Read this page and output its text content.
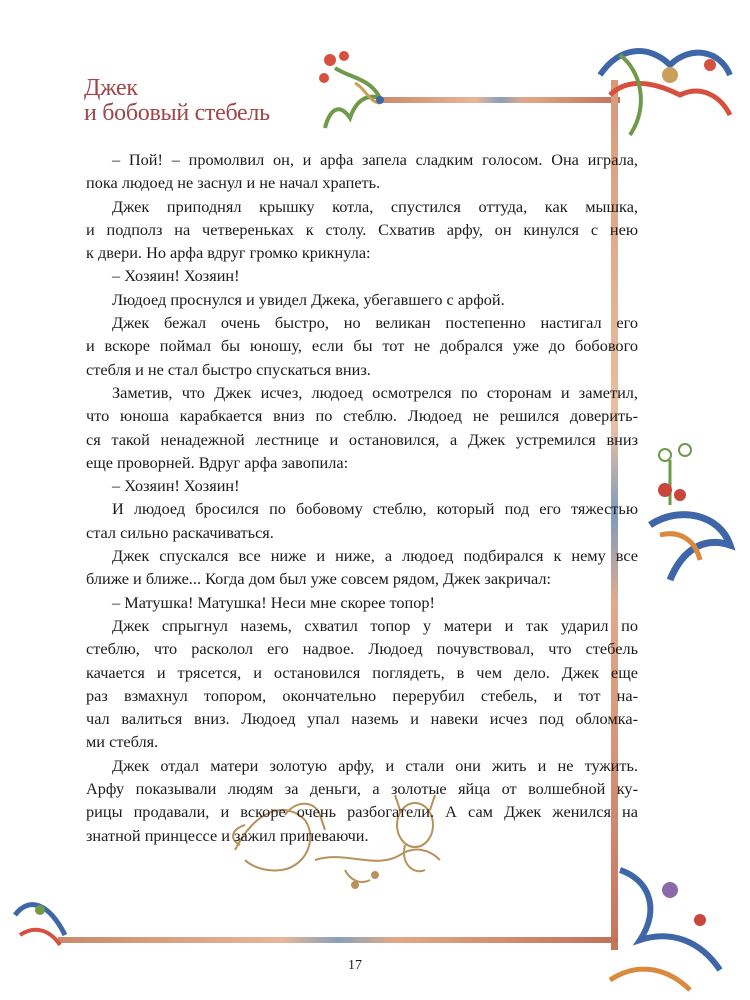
Джек
и бобовый стебель
– Пой! – промолвил он, и арфа запела сладким голосом. Она играла,
пока людоед не заснул и не начал храпеть.
Джек приподнял крышку котла, спустился оттуда, как мышка,
и подполз на четвереньках к столу. Схватив арфу, он кинулся с нею
к двери. Но арфа вдруг громко крикнула:
– Хозяин! Хозяин!
Людоед проснулся и увидел Джека, убегавшего с арфой.
Джек бежал очень быстро, но великан постепенно настигал его
и вскоре поймал бы юношу, если бы тот не добрался уже до бобового
стебля и не стал быстро спускаться вниз.
Заметив, что Джек исчез, людоед осмотрелся по сторонам и заметил,
что юноша карабкается вниз по стеблю. Людоед не решился доверить-
ся такой ненадежной лестнице и остановился, а Джек устремился вниз
еще проворней. Вдруг арфа завопила:
– Хозяин! Хозяин!
И людоед бросился по бобовому стеблю, который под его тяжестью
стал сильно раскачиваться.
Джек спускался все ниже и ниже, а людоед подбирался к нему все
ближе и ближе... Когда дом был уже совсем рядом, Джек закричал:
– Матушка! Матушка! Неси мне скорее топор!
Джек спрыгнул наземь, схватил топор у матери и так ударил по
стеблю, что расколол его надвое. Людоед почувствовал, что стебель
качается и трясется, и остановился поглядеть, в чем дело. Джек еще
раз взмахнул топором, окончательно перерубил стебель, и тот на-
чал валиться вниз. Людоед упал наземь и навеки исчез под обломка-
ми стебля.
Джек отдал матери золотую арфу, и стали они жить и не тужить.
Арфу показывали людям за деньги, а золотые яйца от волшебной ку-
рицы продавали, и вскоре очень разбогатели. А сам Джек женился на
знатной принцессе и зажил припеваючи.
17
